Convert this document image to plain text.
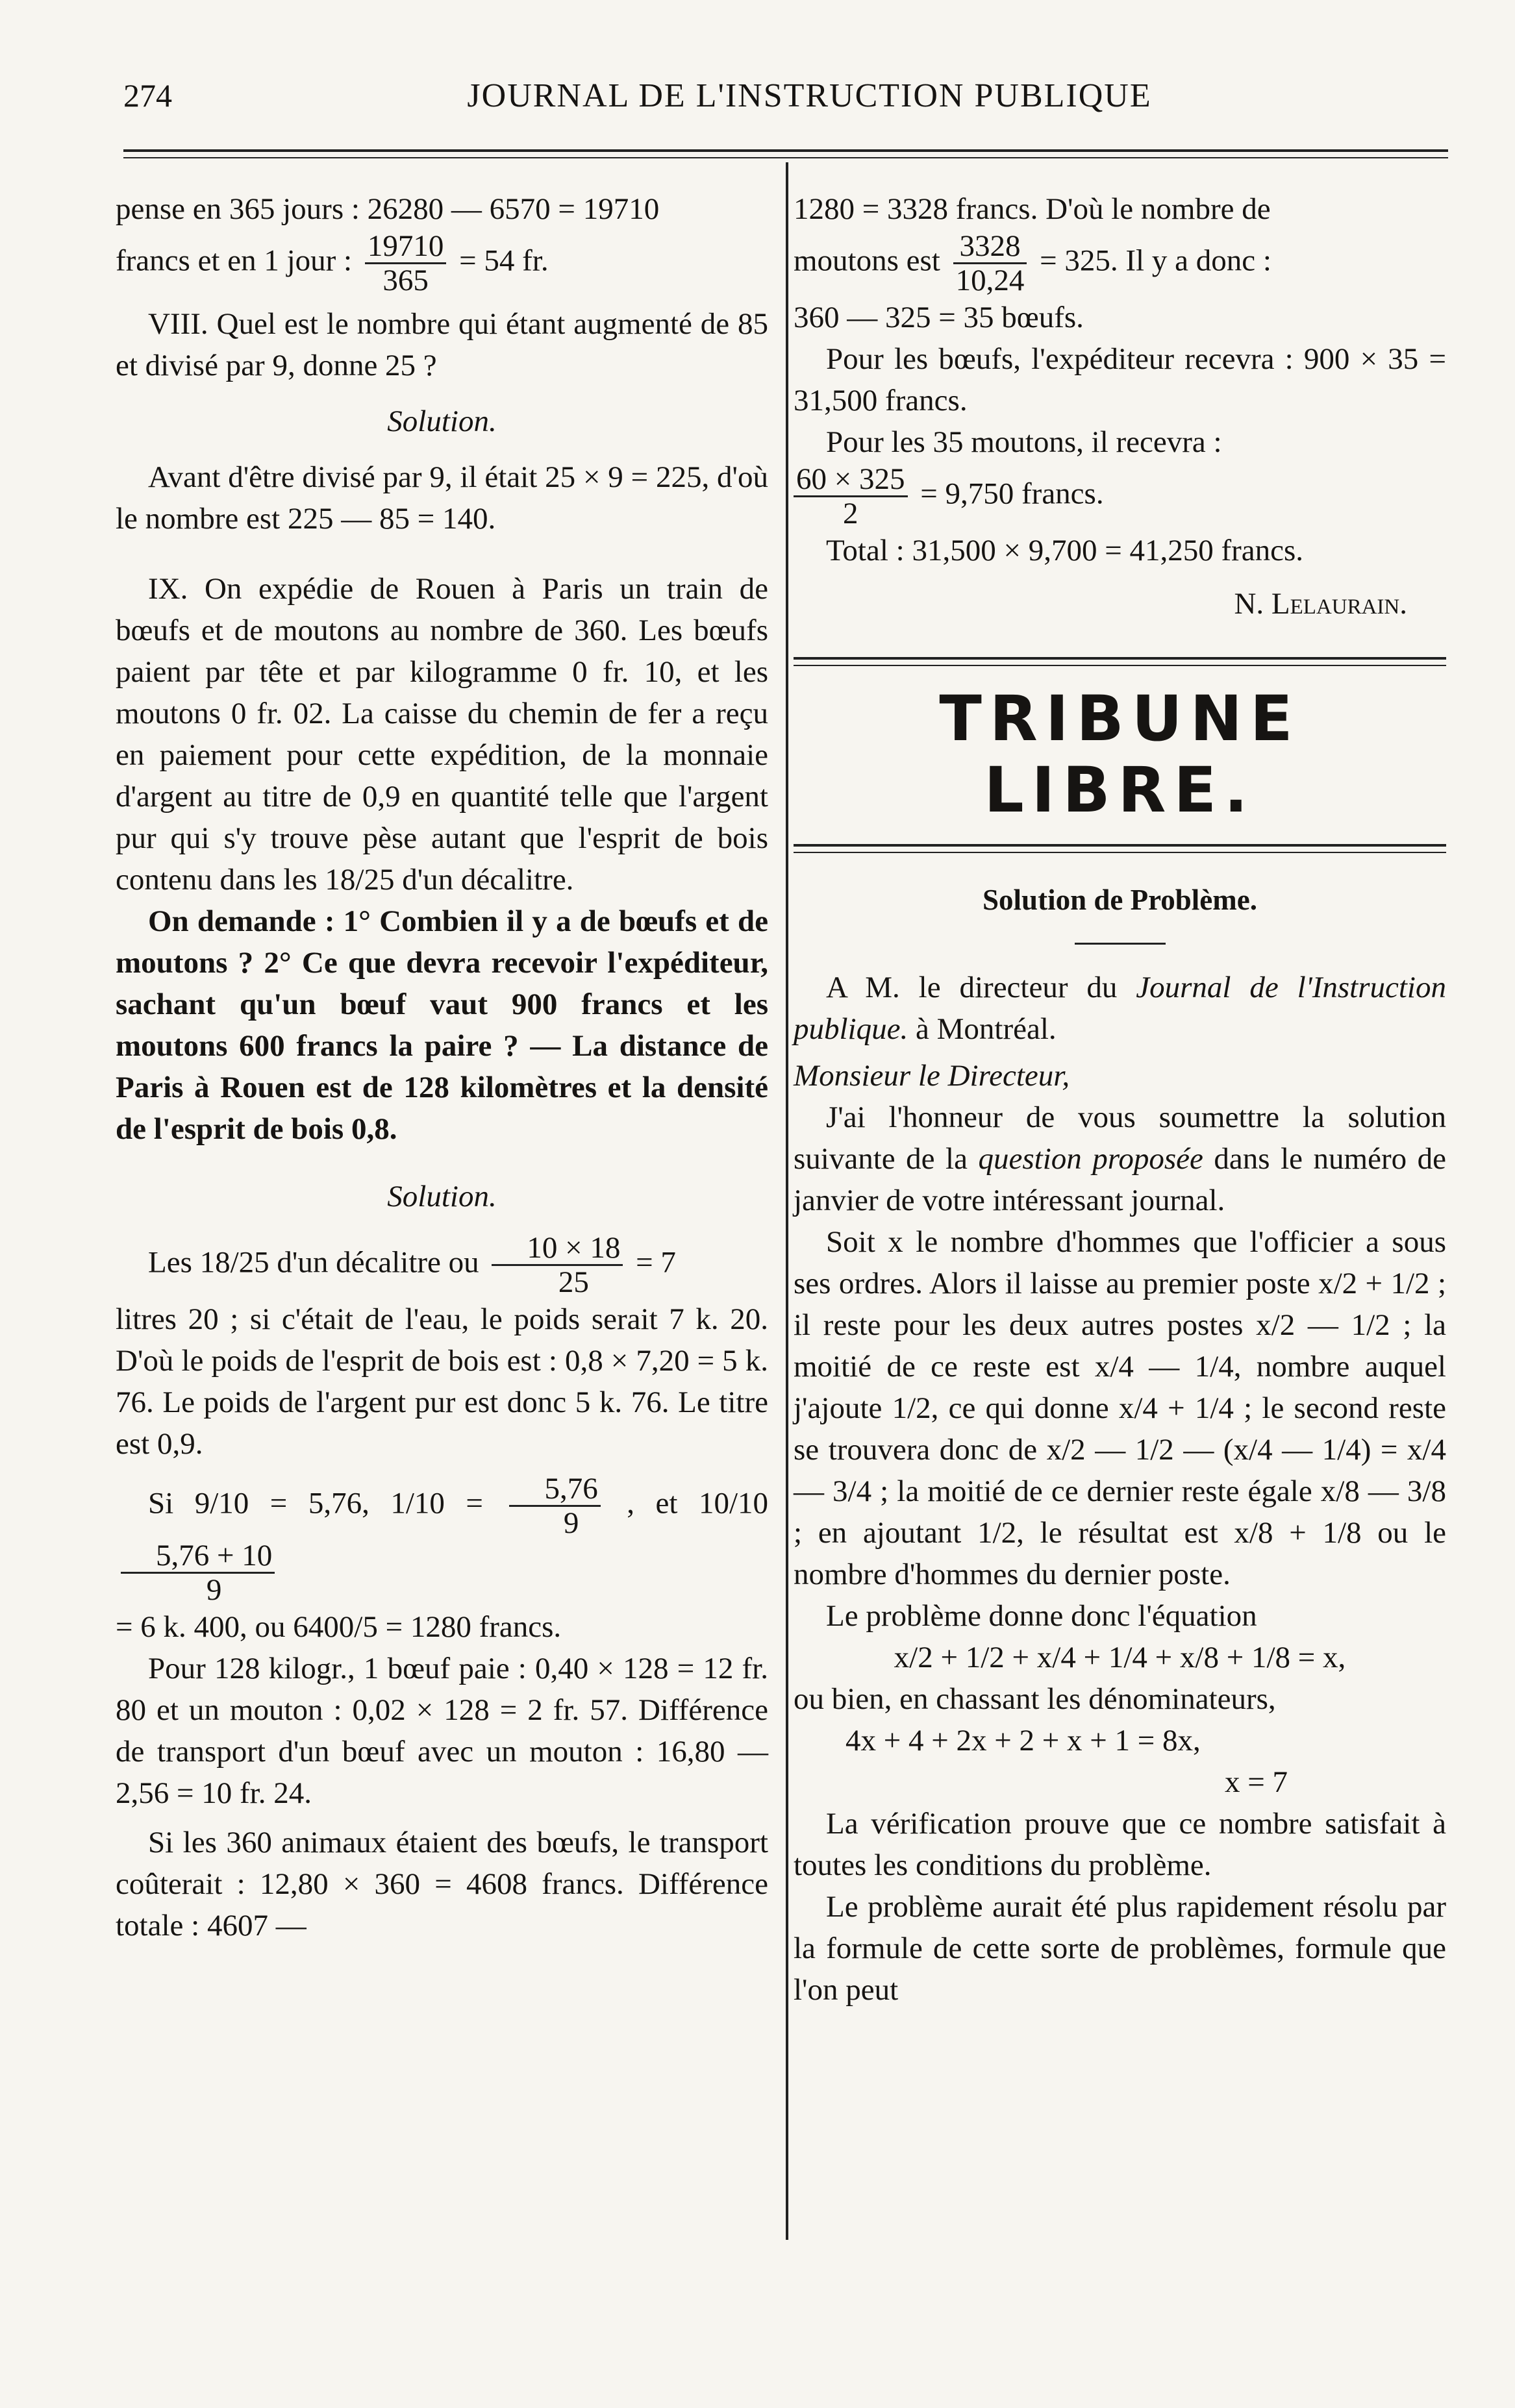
274	JOURNAL DE L'INSTRUCTION PUBLIQUE

pense en 365 jours : 26280 — 6570 = 19710

francs et en 1 jour : $\frac{19710}{365} = 54$ fr.

VIII. Quel est le nombre qui étant augmenté de 85 et divisé par 9, donne 25 ?

Solution.

Avant d'être divisé par 9, il était 25 × 9 = 225, d'où le nombre est 225 — 85 = 140.

IX. On expédie de Rouen à Paris un train de bœufs et de moutons au nombre de 360. Les bœufs paient par tête et par kilogramme 0 fr. 10, et les moutons 0 fr. 02. La caisse du chemin de fer a reçu en paiement pour cette expédition, de la monnaie d'argent au titre de 0,9 en quantité telle que l'argent pur qui s'y trouve pèse autant que l'esprit de bois contenu dans les 18/25 d'un décalitre.

On demande : 1° Combien il y a de bœufs et de moutons ? 2° Ce que devra recevoir l'expéditeur, sachant qu'un bœuf vaut 900 francs et les moutons 600 francs la paire ? — La distance de Paris à Rouen est de 128 kilomètres et la densité de l'esprit de bois 0,8.

Solution.

Les 18/25 d'un décalitre ou $\frac{10 \times 18}{25} = 7$

litres 20 ; si c'était de l'eau, le poids serait 7 k. 20. D'où le poids de l'esprit de bois est : 0,8 × 7,20 = 5 k. 76. Le poids de l'argent pur est donc 5 k. 76. Le titre est 0,9.

Si 9/10 = 5,76, $1/10 = \frac{5,76}{9}$ , et 10/10
$\frac{5,76 + 10}{9}$

= 6 k. 400, ou 6400/5 = 1280 francs.

Pour 128 kilogr., 1 bœuf paie : 0,40 × 128 = 12 fr. 80 et un mouton : 0,02 × 128 = 2 fr. 57. Différence de transport d'un bœuf avec un mouton : 16,80 — 2,56 = 10 fr. 24.

Si les 360 animaux étaient des bœufs, le transport coûterait : 12,80 × 360 = 4608 francs. Différence totale : 4607 —

1280 = 3328 francs. D'où le nombre de

moutons est $\frac{3328}{10,24} = 325$. Il y a donc :

360 — 325 = 35 bœufs.

Pour les bœufs, l'expéditeur recevra : 900 × 35 = 31,500 francs.

Pour les 35 moutons, il recevra :

$\frac{60 \times 325}{2} = 9,750$ francs.

Total : 31,500 × 9,700 = 41,250 francs.

N. Lelaurain.

TRIBUNE LIBRE.

Solution de Problème.

A M. le directeur du Journal de l'Instruction publique. à Montréal.

Monsieur le Directeur,

J'ai l'honneur de vous soumettre la solution suivante de la question proposée dans le numéro de janvier de votre intéressant journal.

Soit x le nombre d'hommes que l'officier a sous ses ordres. Alors il laisse au premier poste x/2 + 1/2 ; il reste pour les deux autres postes x/2 — 1/2 ; la moitié de ce reste est x/4 — 1/4, nombre auquel j'ajoute 1/2, ce qui donne x/4 + 1/4 ; le second reste se trouvera donc de x/2 — 1/2 — (x/4 — 1/4) = x/4 — 3/4 ; la moitié de ce dernier reste égale x/8 — 3/8 ; en ajoutant 1/2, le résultat est x/8 + 1/8 ou le nombre d'hommes du dernier poste.

Le problème donne donc l'équation

x/2 + 1/2 + x/4 + 1/4 + x/8 + 1/8 = x,

ou bien, en chassant les dénominateurs,

4x + 4 + 2x + 2 + x + 1 = 8x,

x = 7

La vérification prouve que ce nombre satisfait à toutes les conditions du problème.

Le problème aurait été plus rapidement résolu par la formule de cette sorte de problèmes, formule que l'on peut
